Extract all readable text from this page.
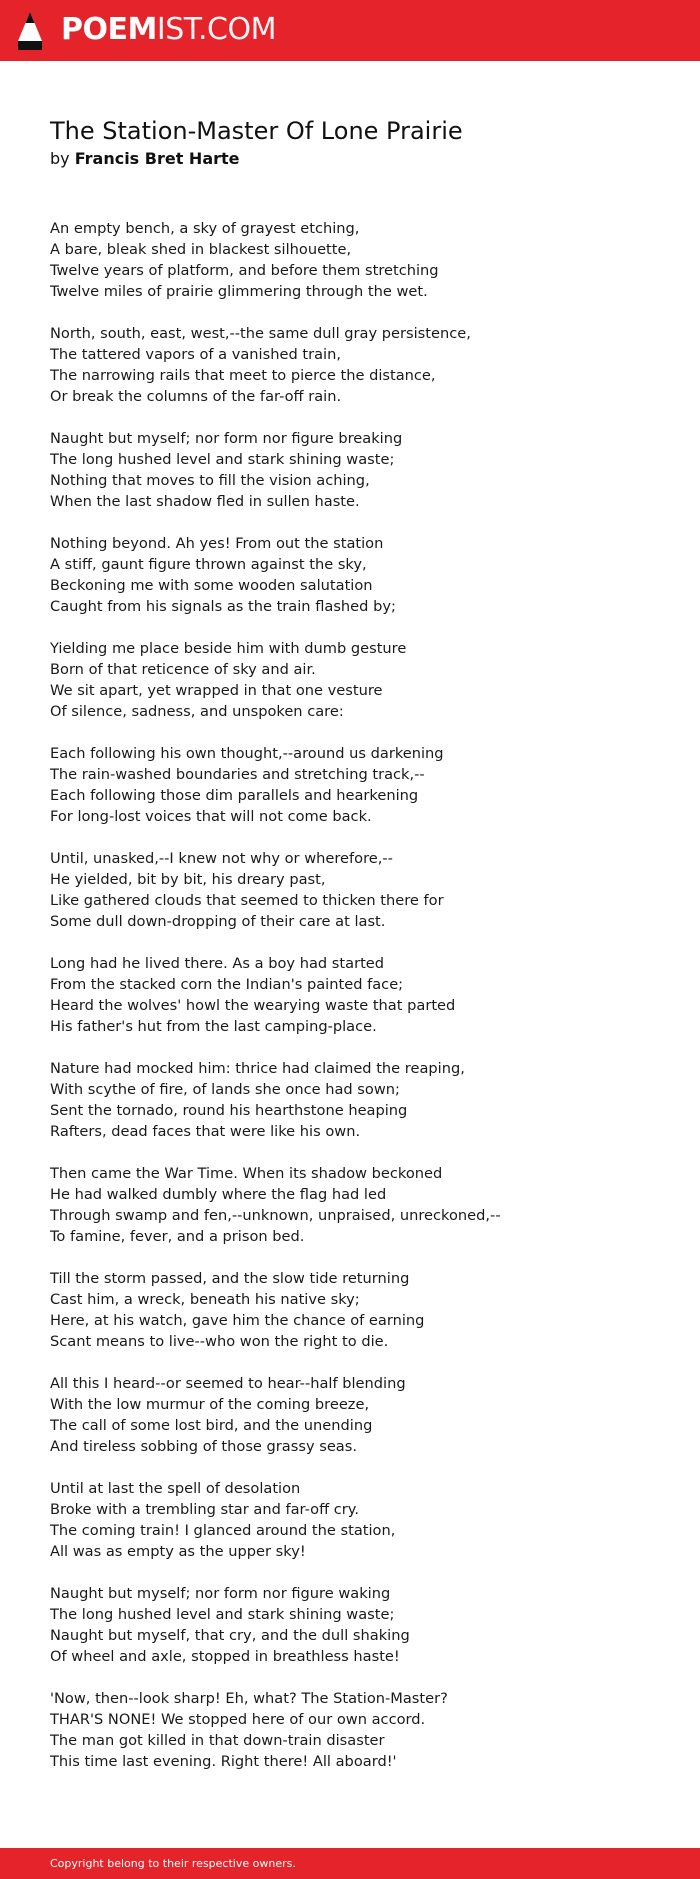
POEMIST.COM
The Station-Master Of Lone Prairie
by Francis Bret Harte
An empty bench, a sky of grayest etching,
A bare, bleak shed in blackest silhouette,
Twelve years of platform, and before them stretching
Twelve miles of prairie glimmering through the wet.
North, south, east, west,--the same dull gray persistence,
The tattered vapors of a vanished train,
The narrowing rails that meet to pierce the distance,
Or break the columns of the far-off rain.
Naught but myself; nor form nor figure breaking
The long hushed level and stark shining waste;
Nothing that moves to fill the vision aching,
When the last shadow fled in sullen haste.
Nothing beyond. Ah yes! From out the station
A stiff, gaunt figure thrown against the sky,
Beckoning me with some wooden salutation
Caught from his signals as the train flashed by;
Yielding me place beside him with dumb gesture
Born of that reticence of sky and air.
We sit apart, yet wrapped in that one vesture
Of silence, sadness, and unspoken care:
Each following his own thought,--around us darkening
The rain-washed boundaries and stretching track,--
Each following those dim parallels and hearkening
For long-lost voices that will not come back.
Until, unasked,--I knew not why or wherefore,--
He yielded, bit by bit, his dreary past,
Like gathered clouds that seemed to thicken there for
Some dull down-dropping of their care at last.
Long had he lived there. As a boy had started
From the stacked corn the Indian's painted face;
Heard the wolves' howl the wearying waste that parted
His father's hut from the last camping-place.
Nature had mocked him: thrice had claimed the reaping,
With scythe of fire, of lands she once had sown;
Sent the tornado, round his hearthstone heaping
Rafters, dead faces that were like his own.
Then came the War Time. When its shadow beckoned
He had walked dumbly where the flag had led
Through swamp and fen,--unknown, unpraised, unreckoned,--
To famine, fever, and a prison bed.
Till the storm passed, and the slow tide returning
Cast him, a wreck, beneath his native sky;
Here, at his watch, gave him the chance of earning
Scant means to live--who won the right to die.
All this I heard--or seemed to hear--half blending
With the low murmur of the coming breeze,
The call of some lost bird, and the unending
And tireless sobbing of those grassy seas.
Until at last the spell of desolation
Broke with a trembling star and far-off cry.
The coming train! I glanced around the station,
All was as empty as the upper sky!
Naught but myself; nor form nor figure waking
The long hushed level and stark shining waste;
Naught but myself, that cry, and the dull shaking
Of wheel and axle, stopped in breathless haste!
'Now, then--look sharp! Eh, what? The Station-Master?
THAR'S NONE! We stopped here of our own accord.
The man got killed in that down-train disaster
This time last evening. Right there! All aboard!'
Copyright belong to their respective owners.
